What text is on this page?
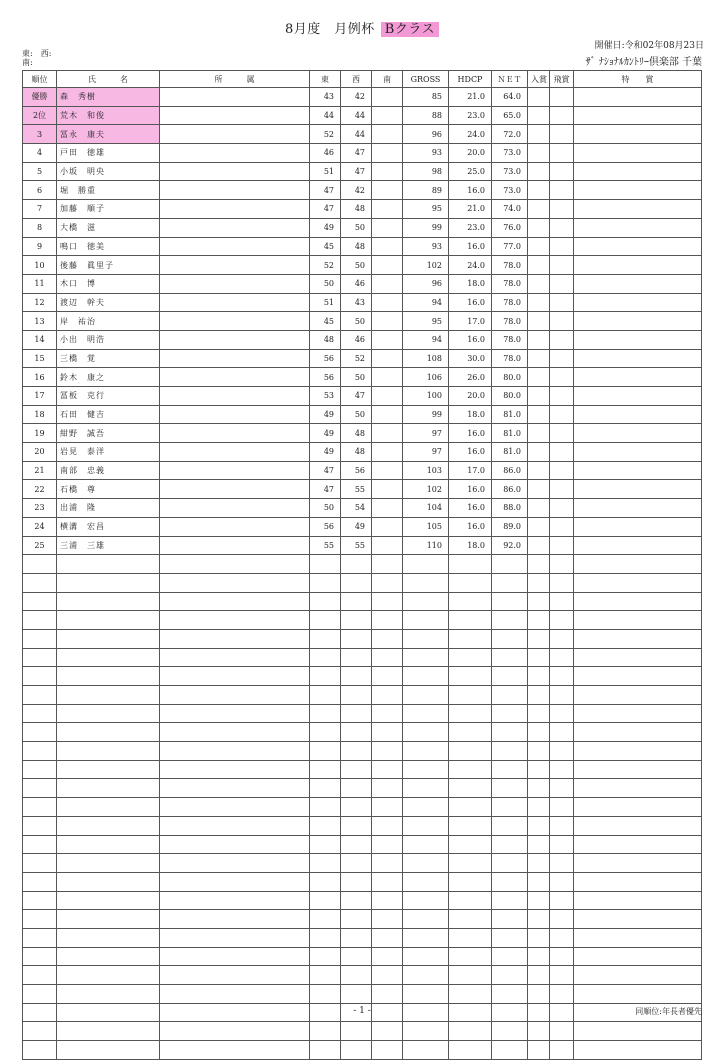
8月度　月例杯 Bクラス
開催日:令和02年08月23日
東:　西:
南:	ｻﾞ ﾅｼｮﾅﾙｶﾝﾄﾘｰ倶楽部 千葉
順位	氏　　　名	所　　　属	東	西	南	GROSS	HDCP	ＮＥＴ	入賞	飛賞	特　　賞
優勝	森　秀樹		43	42		85	21.0	64.0			
2位	荒木　和俊		44	44		88	23.0	65.0			
3	冨永　康夫		52	44		96	24.0	72.0			
4	戸田　徳雄		46	47		93	20.0	73.0			
5	小坂　明央		51	47		98	25.0	73.0			
6	堀　勝重		47	42		89	16.0	73.0			
7	加藤　順子		47	48		95	21.0	74.0			
8	大橋　滋		49	50		99	23.0	76.0			
9	鳴口　徳美		45	48		93	16.0	77.0			
10	後藤　眞里子		52	50		102	24.0	78.0			
11	木口　博		50	46		96	18.0	78.0			
12	渡辺　幹夫		51	43		94	16.0	78.0			
13	岸　祐治		45	50		95	17.0	78.0			
14	小出　明浩		48	46		94	16.0	78.0			
15	三橋　覚		56	52		108	30.0	78.0			
16	鈴木　康之		56	50		106	26.0	80.0			
17	冨板　克行		53	47		100	20.0	80.0			
18	石田　健吉		49	50		99	18.0	81.0			
19	紺野　誠吾		49	48		97	16.0	81.0			
20	岩見　泰洋		49	48		97	16.0	81.0			
21	南部　忠義		47	56		103	17.0	86.0			
22	石橋　尊		47	55		102	16.0	86.0			
23	出浦　隆		50	54		104	16.0	88.0			
24	横溝　宏昌		56	49		105	16.0	89.0			
25	三浦　三雄		55	55		110	18.0	92.0			

- 1 -	同順位:年長者優先
